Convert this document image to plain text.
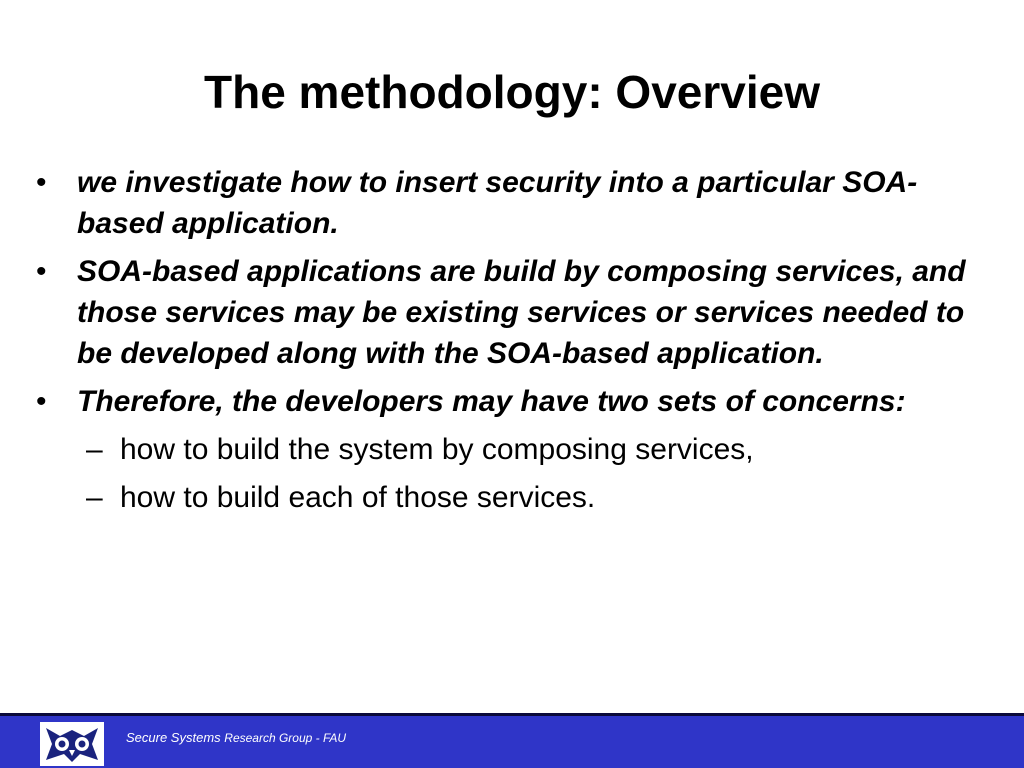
The methodology: Overview
• we investigate how to insert security into a particular SOA-based application.
• SOA-based applications are build by composing services, and those services may be existing services or services needed to be developed along with the SOA-based application.
• Therefore, the developers may have two sets of concerns:
– how to build the system by composing services,
– how to build each of those services.
Secure Systems Research Group - FAU
